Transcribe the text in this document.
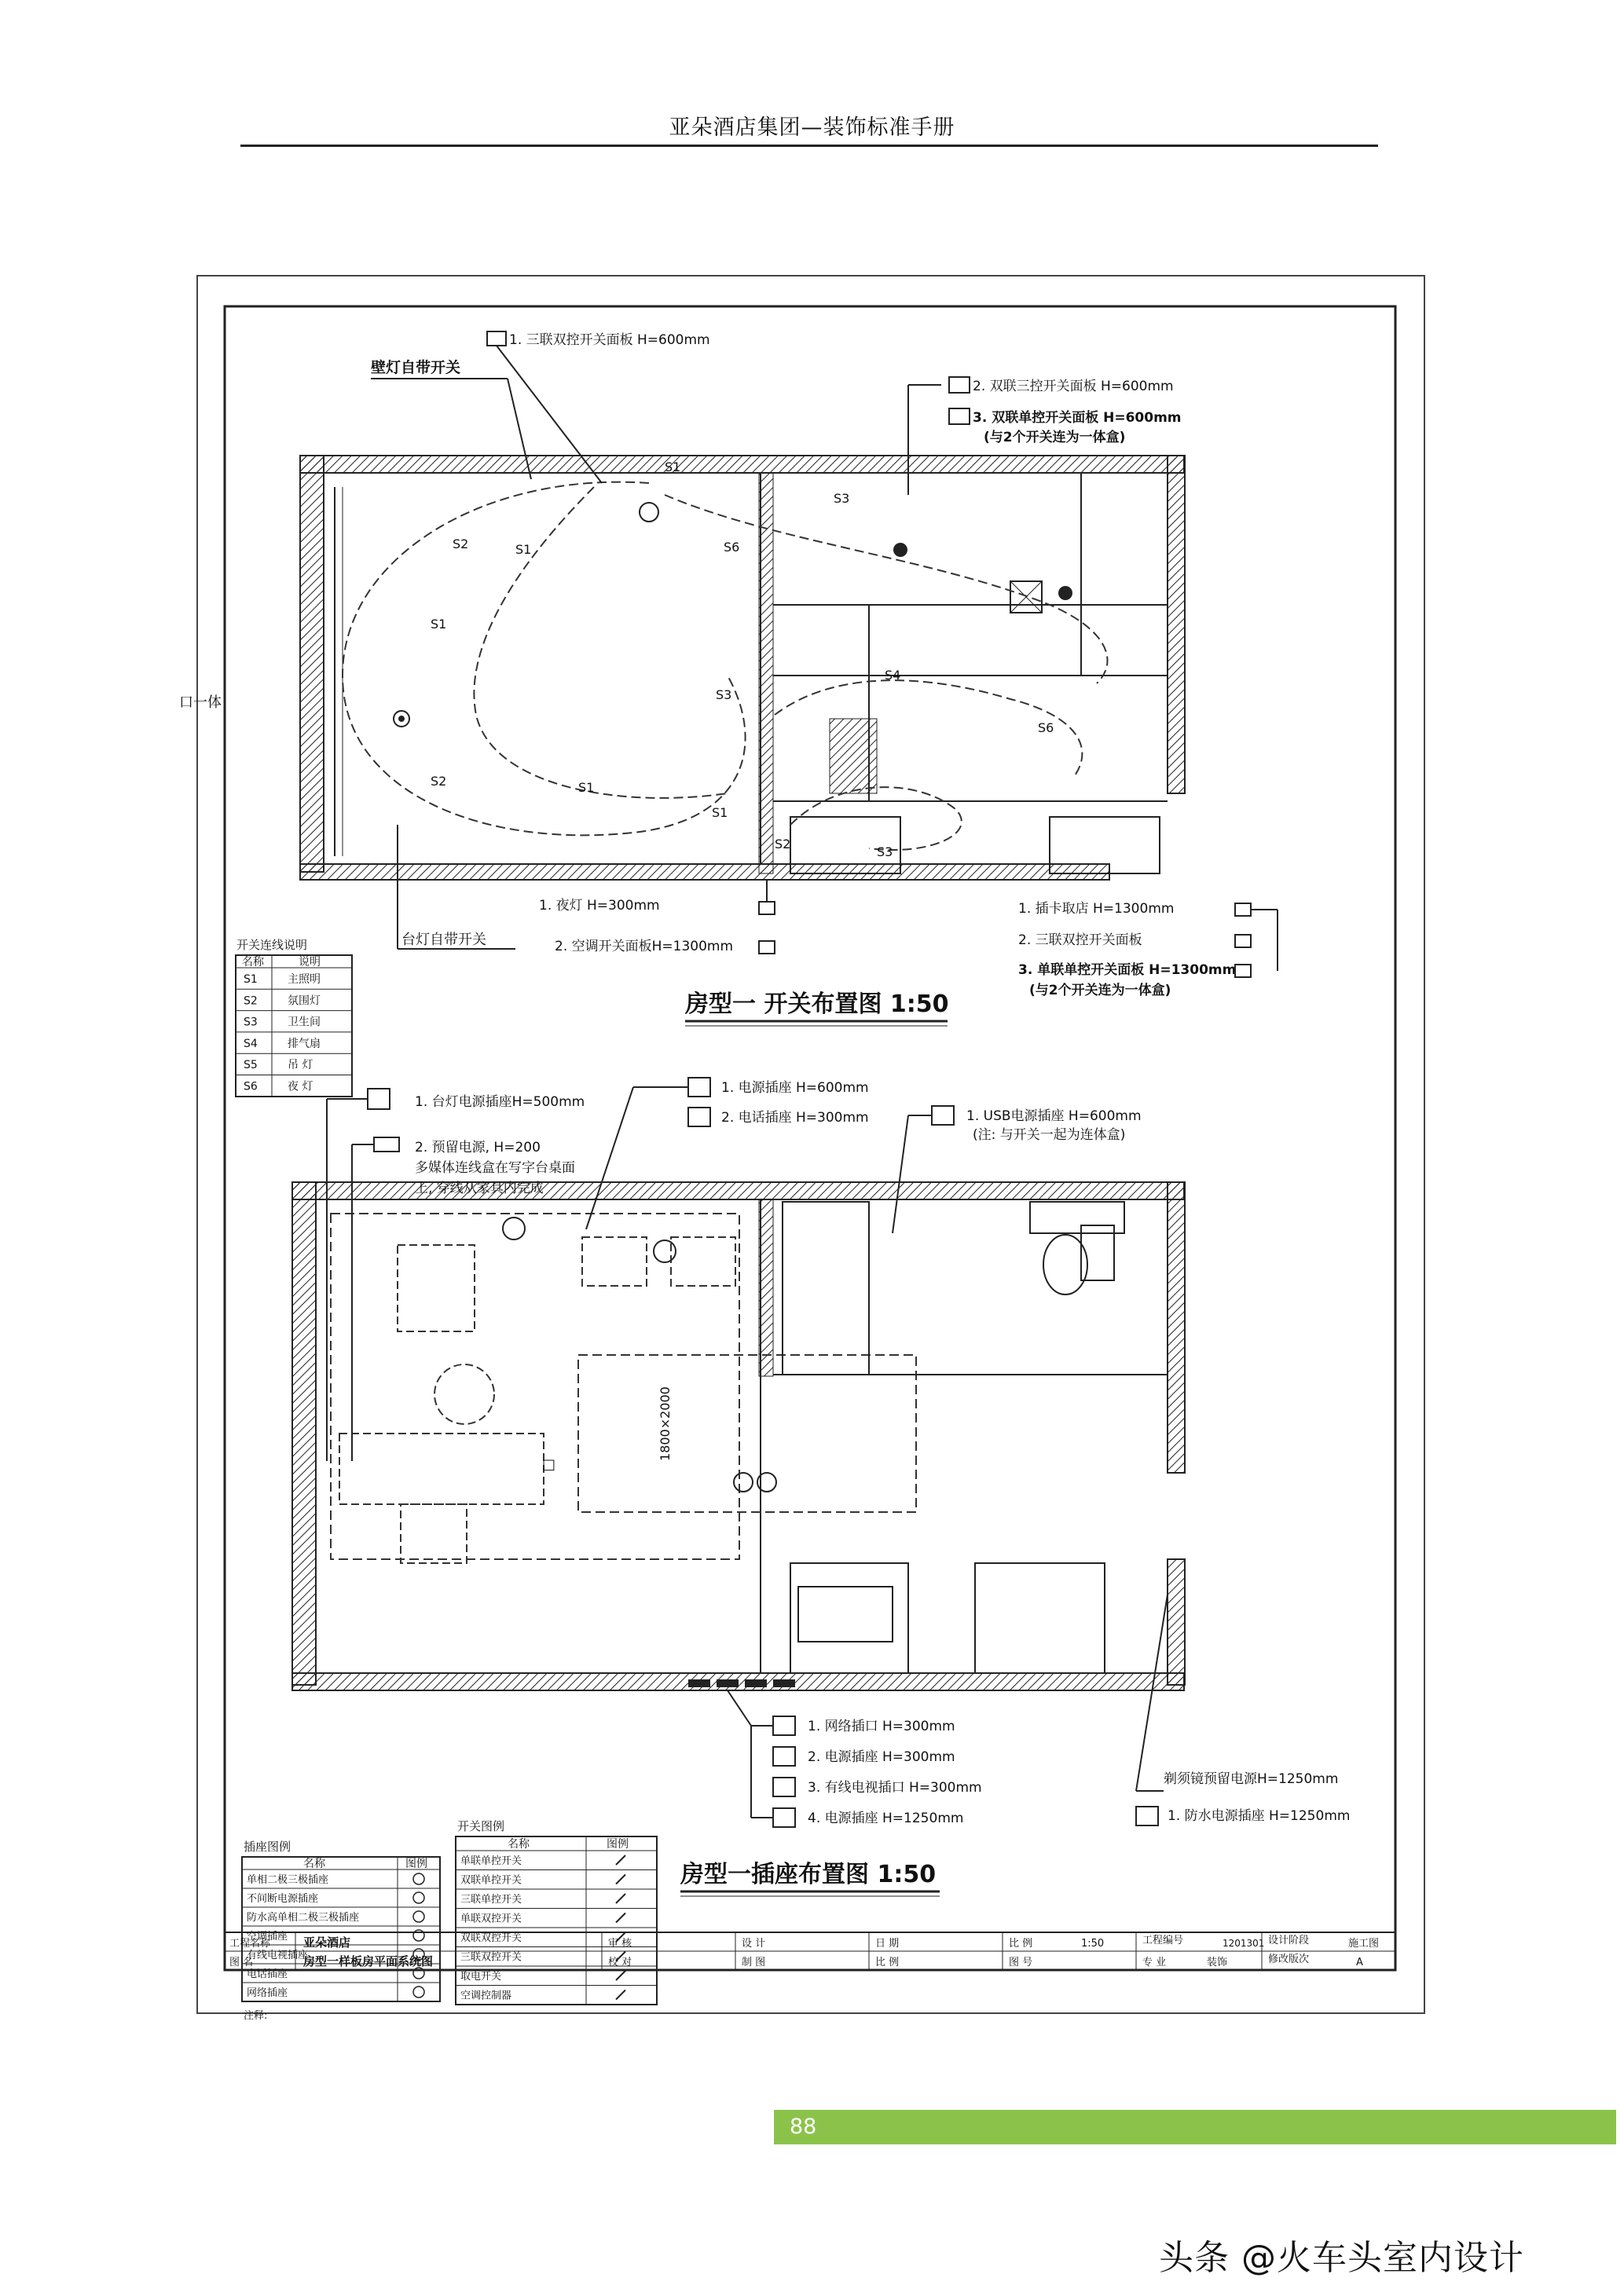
亚朵酒店集团—装饰标准手册
口一体
S2	S1
S1
S2	S1
S3
S1
S2
S4
S6
S6
S1
S3
S3
1. 三联双控开关面板 H=600mm
壁灯自带开关
2. 双联三控开关面板 H=600mm
3. 双联单控开关面板 H=600mm
(与2个开关连为一体盒)
1. 夜灯 H=300mm
2. 空调开关面板H=1300mm
台灯自带开关
1. 插卡取店 H=1300mm
2. 三联双控开关面板
3. 单联单控开关面板 H=1300mm
(与2个开关连为一体盒)
房型一 开关布置图 1:50
开关连线说明
名称	说明
S1	主照明
S2	氛围灯
S3	卫生间
S4	排气扇
S5	吊 灯
S6	夜 灯
1800×2000
□
1. 台灯电源插座H=500mm
2. 预留电源, H=200
多媒体连线盒在写字台桌面
上, 穿线从家具内完成
1. 电源插座 H=600mm
2. 电话插座 H=300mm	1. USB电源插座 H=600mm
(注: 与开关一起为连体盒)
1. 网络插口 H=300mm
2. 电源插座 H=300mm
3. 有线电视插口 H=300mm
4. 电源插座 H=1250mm
剃须镜预留电源H=1250mm
1. 防水电源插座 H=1250mm
房型一插座布置图 1:50
插座图例
名称	图例
单相二极三极插座
不间断电源插座
防水高单相二极三极插座
空调插座
有线电视插座
电话插座
网络插座
注释:
开关图例
名称	图例
单联单控开关
双联单控开关
三联单控开关
单联双控开关
双联双控开关
三联双控开关
取电开关
空调控制器
工程名称	亚朵酒店
图 名	房型一样板房平面系统图
审 核	设 计	日 期	比 例	1:50	工程编号	1201301 设计阶段	施工图
校 对	制 图	比 例	图 号	专 业	装饰	修改版次	A
88
头条 @火车头室内设计
